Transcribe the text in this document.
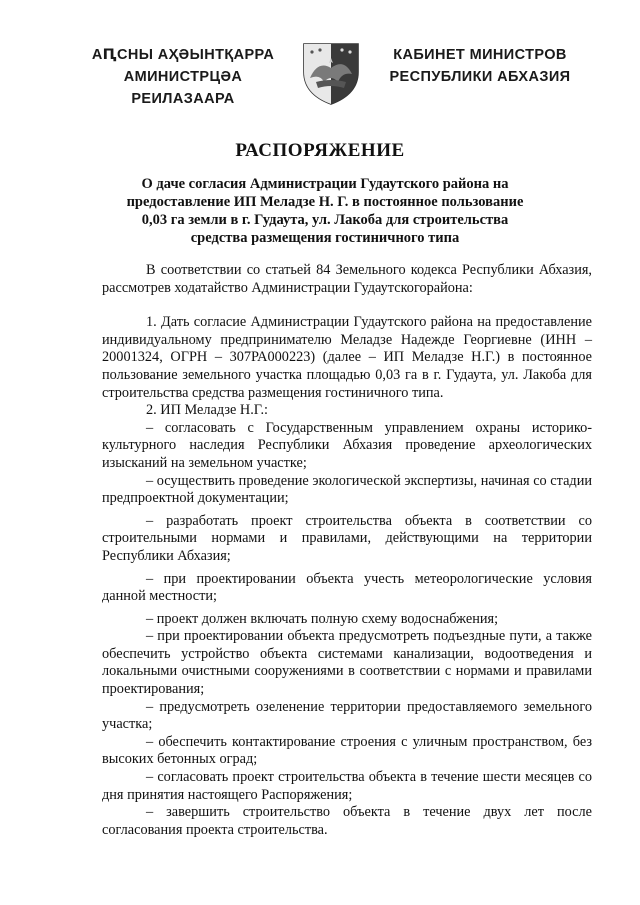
АԤСНЫ АҲӘЫНТҚАРРА
АМИНИСТРЦӘА РЕИЛАЗААРА
КАБИНЕТ МИНИСТРОВ
РЕСПУБЛИКИ АБХАЗИЯ
РАСПОРЯЖЕНИЕ
О даче согласия Администрации Гудаутского района на
предоставление ИП Меладзе Н. Г. в постоянное пользование
0,03 га земли в г. Гудаута, ул. Лакоба для строительства
средства размещения гостиничного типа

В соответствии со статьей 84 Земельного кодекса Республики Абхазия, рассмотрев ходатайство Администрации Гудаутскогорайона:

1. Дать согласие Администрации Гудаутского района на предоставление индивидуальному предпринимателю Меладзе Надежде Георгиевне (ИНН – 20001324, ОГРН – 307РА000223) (далее – ИП Меладзе Н.Г.) в постоянное пользование земельного участка площадью 0,03 га в г. Гудаута, ул. Лакоба для строительства средства размещения гостиничного типа.

2. ИП Меладзе Н.Г.:

– согласовать с Государственным управлением охраны историко-культурного наследия Республики Абхазия проведение археологических изысканий на земельном участке;

– осуществить проведение экологической экспертизы, начиная со стадии предпроектной документации;

– разработать проект строительства объекта в соответствии со строительными нормами и правилами, действующими на территории Республики Абхазия;

– при проектировании объекта учесть метеорологические условия данной местности;

– проект должен включать полную схему водоснабжения;

– при проектировании объекта предусмотреть подъездные пути, а также обеспечить устройство объекта системами канализации, водоотведения и локальными очистными сооружениями в соответствии с нормами и правилами проектирования;

– предусмотреть озеленение территории предоставляемого земельного участка;

– обеспечить контактирование строения с уличным пространством, без высоких бетонных оград;

– согласовать проект строительства объекта в течение шести месяцев со дня принятия настоящего Распоряжения;

– завершить строительство объекта в течение двух лет после согласования проекта строительства.
